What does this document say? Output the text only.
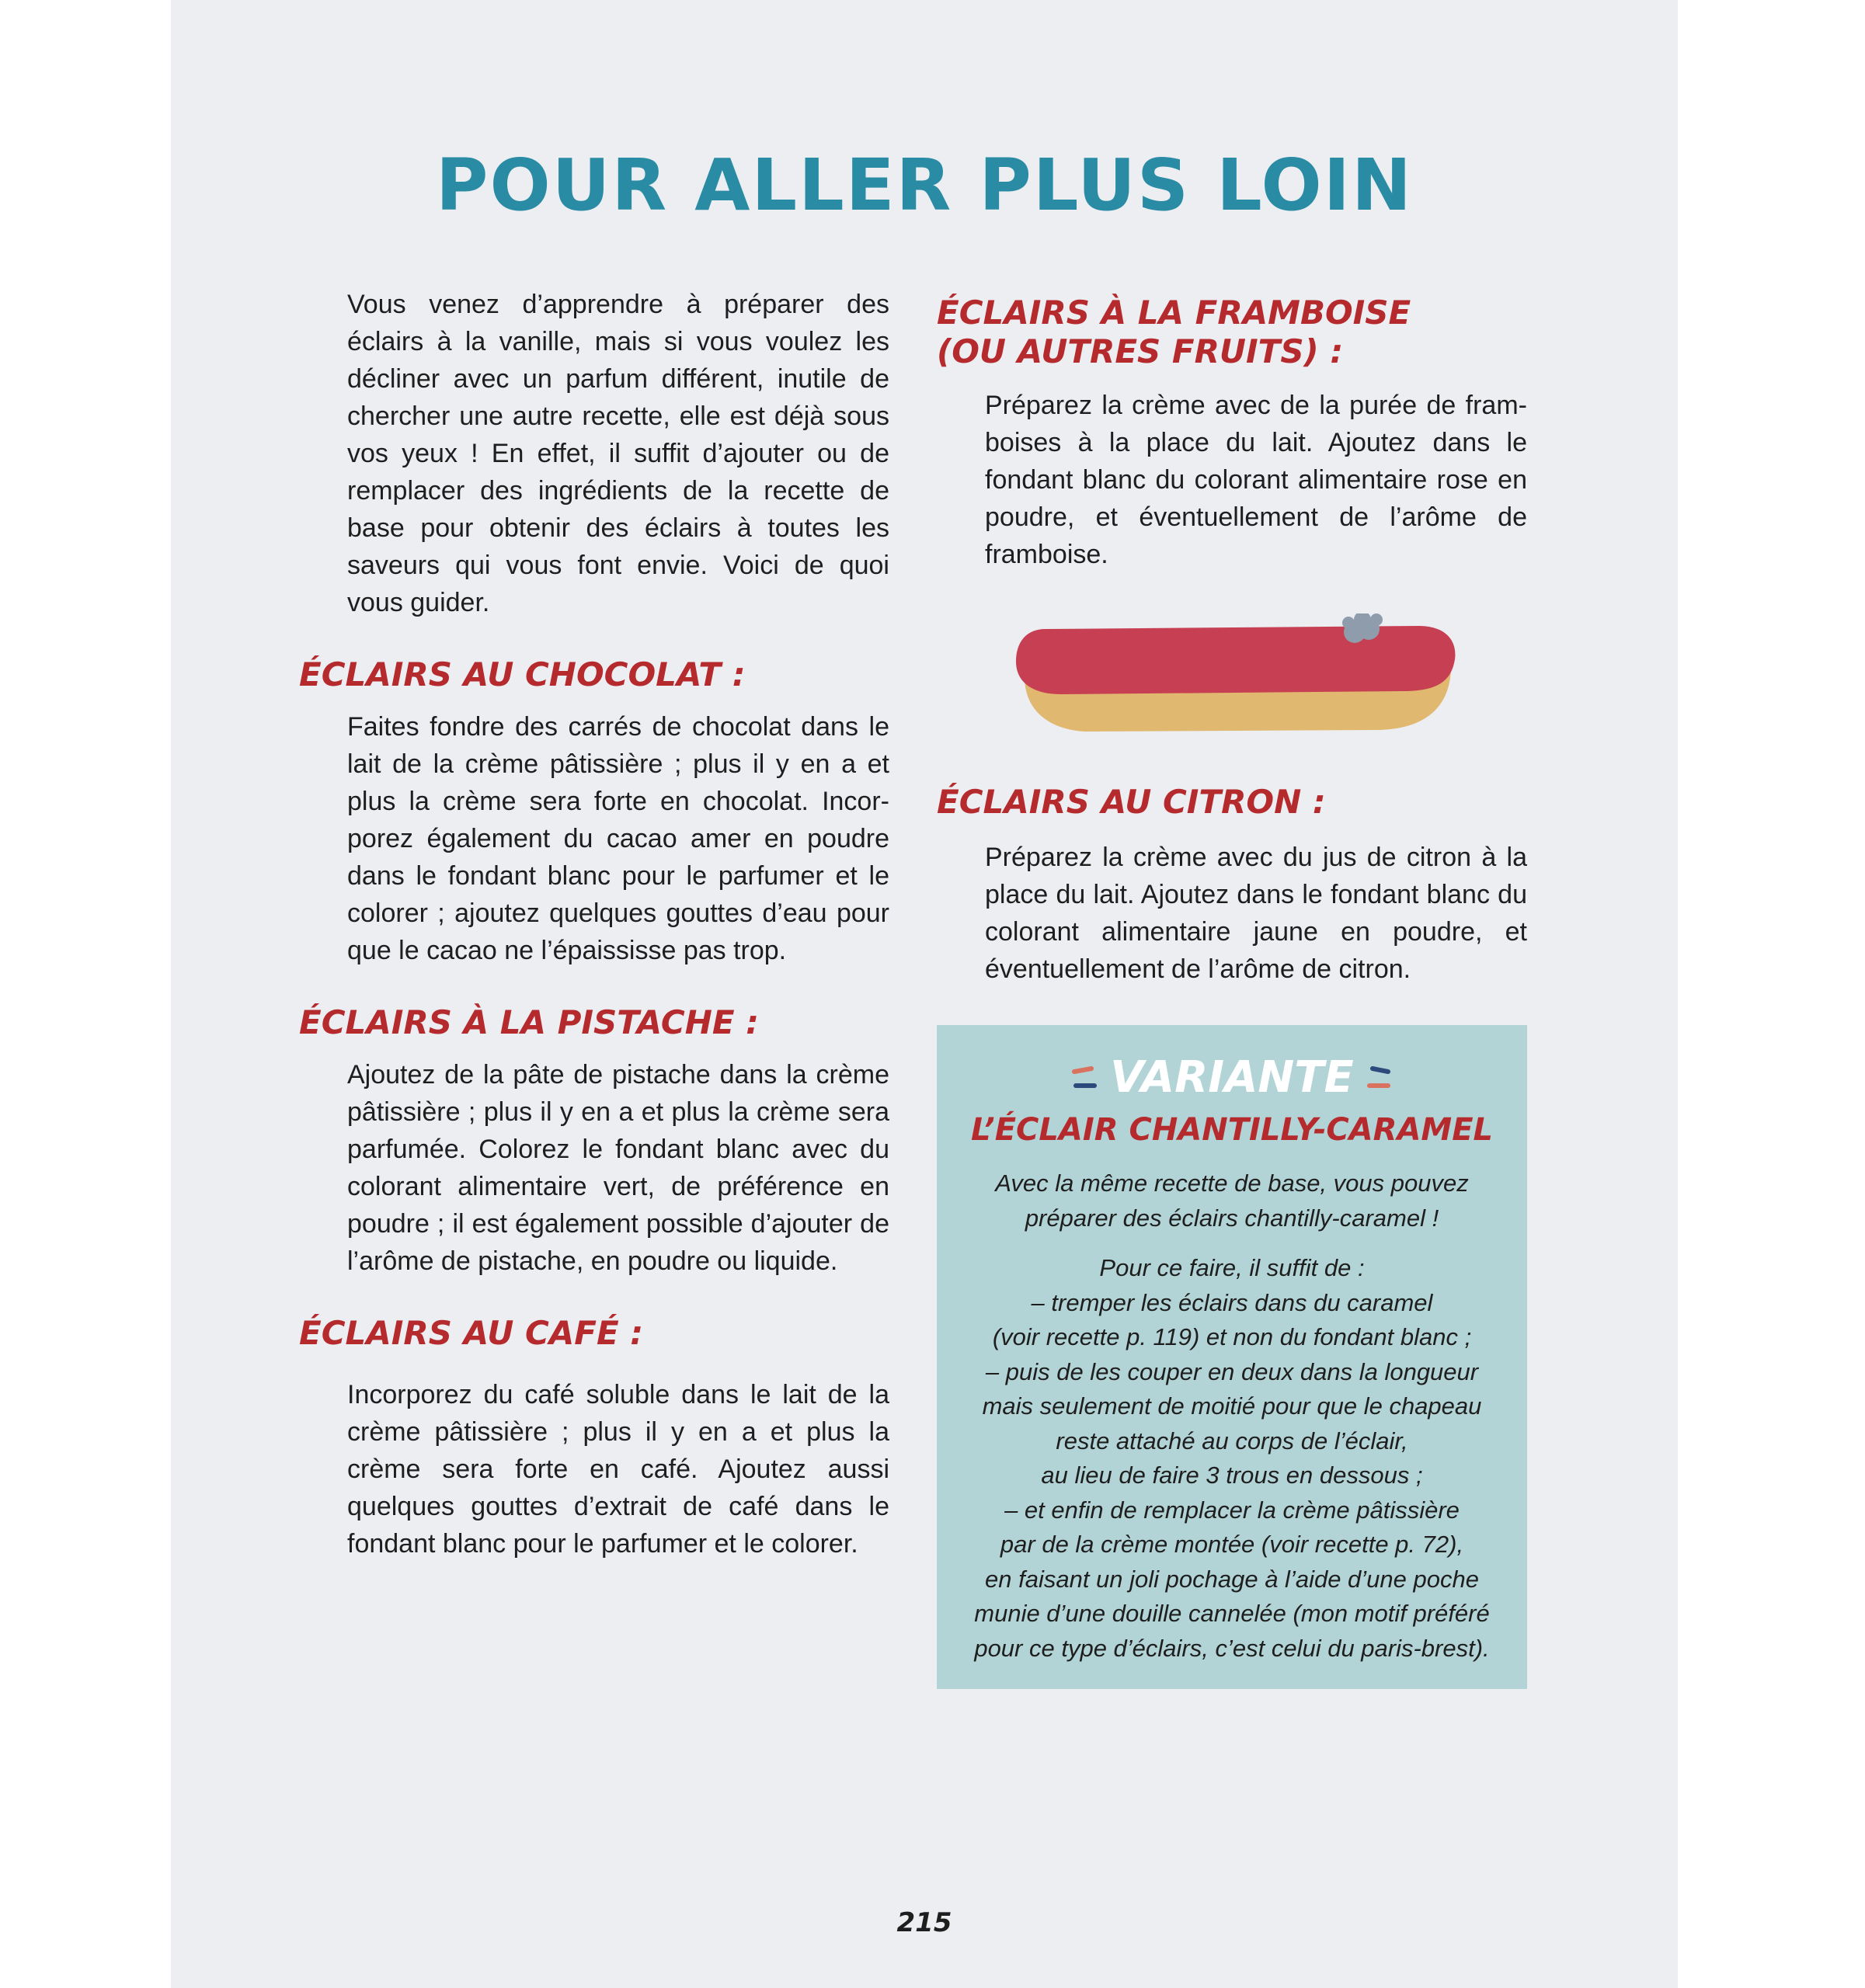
POUR ALLER PLUS LOIN

Vous venez d’apprendre à préparer des éclairs à la vanille, mais si vous voulez les décliner avec un parfum différent, inutile de chercher une autre recette, elle est déjà sous vos yeux ! En effet, il suffit d’ajouter ou de remplacer des ingrédients de la recette de base pour obtenir des éclairs à toutes les saveurs qui vous font envie. Voici de quoi vous guider.

ÉCLAIRS AU CHOCOLAT :

Faites fondre des carrés de chocolat dans le lait de la crème pâtissière ; plus il y en a et plus la crème sera forte en chocolat. Incorporez également du cacao amer en poudre dans le fondant blanc pour le parfumer et le colorer ; ajoutez quelques gouttes d’eau pour que le cacao ne l’épaississe pas trop.

ÉCLAIRS À LA PISTACHE :

Ajoutez de la pâte de pistache dans la crème pâtissière ; plus il y en a et plus la crème sera parfumée. Colorez le fondant blanc avec du colorant alimentaire vert, de préférence en poudre ; il est également possible d’ajouter de l’arôme de pistache, en poudre ou liquide.

ÉCLAIRS AU CAFÉ :

Incorporez du café soluble dans le lait de la crème pâtissière ; plus il y en a et plus la crème sera forte en café. Ajoutez aussi quelques gouttes d’extrait de café dans le fondant blanc pour le parfumer et le colorer.

ÉCLAIRS À LA FRAMBOISE
(OU AUTRES FRUITS) :

Préparez la crème avec de la purée de framboises à la place du lait. Ajoutez dans le fondant blanc du colorant alimentaire rose en poudre, et éventuellement de l’arôme de framboise.

ÉCLAIRS AU CITRON :

Préparez la crème avec du jus de citron à la place du lait. Ajoutez dans le fondant blanc du colorant alimentaire jaune en poudre, et éventuellement de l’arôme de citron.

VARIANTE
L’ÉCLAIR CHANTILLY-CARAMEL

Avec la même recette de base, vous pouvez
préparer des éclairs chantilly-caramel !

Pour ce faire, il suffit de :
– tremper les éclairs dans du caramel
(voir recette p. 119) et non du fondant blanc ;
– puis de les couper en deux dans la longueur
mais seulement de moitié pour que le chapeau
reste attaché au corps de l’éclair,
au lieu de faire 3 trous en dessous ;
– et enfin de remplacer la crème pâtissière
par de la crème montée (voir recette p. 72),
en faisant un joli pochage à l’aide d’une poche
munie d’une douille cannelée (mon motif préféré
pour ce type d’éclairs, c’est celui du paris-brest).

215
